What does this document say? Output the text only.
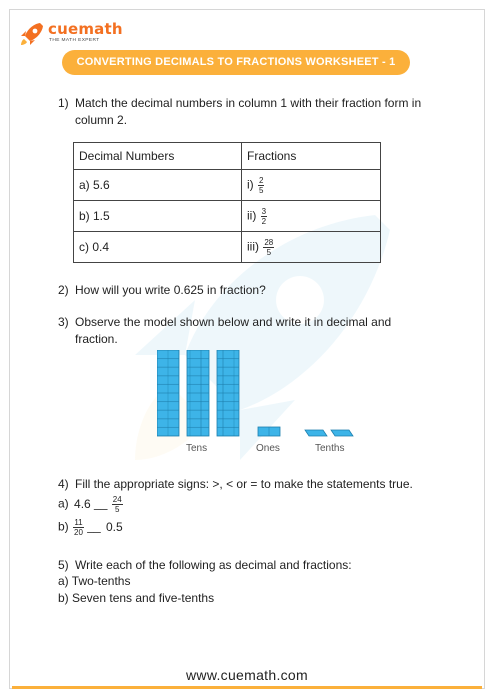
cuemath
THE MATH EXPERT
CONVERTING DECIMALS TO FRACTIONS WORKSHEET - 1
1) Match the decimal numbers in column 1 with their fraction form in
column 2.
Decimal Numbers	Fractions
a) 5.6	$i) \frac{2}{5}$

b) 1.5	$ii) \frac{3}{2}$

c) 0.4	$iii) \frac{28}{5}$
2) How will you write 0.625 in fraction?
3) Observe the model shown below and write it in decimal and
fraction.
Tens	Ones	Tenths
4) Fill the appropriate signs: >, < or = to make the statements true.
a) 4.6 __ $\frac{24}{5}$
$b) \frac{11}{20}$ __ 0.5
5) Write each of the following as decimal and fractions:
a) Two-tenths
b) Seven tens and five-tenths
www.cuemath.com
